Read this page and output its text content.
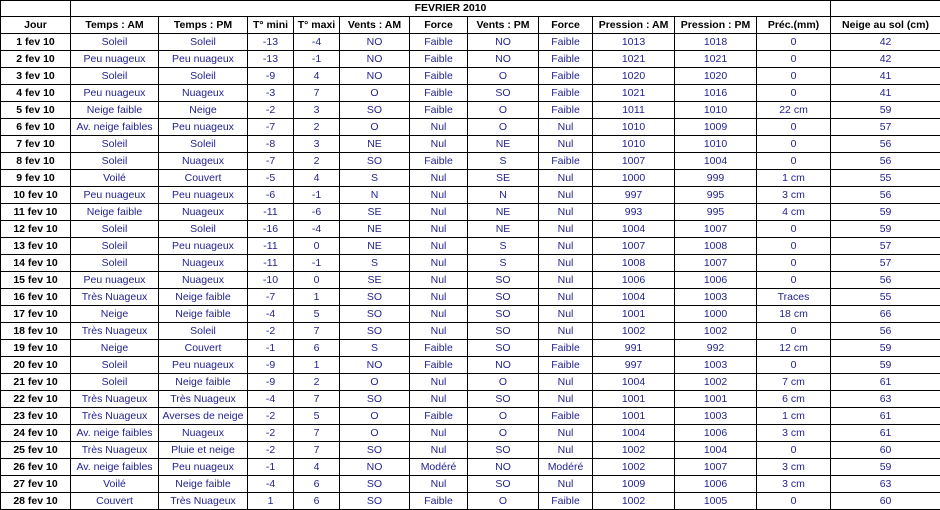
	FEVRIER 2010											
Jour	Temps : AM	Temps : PM	T° mini	T° maxi	Vents : AM	Force	Vents : PM	Force	Pression : AM	Pression : PM	Préc.(mm)	Neige au sol (cm)
1 fev 10	Soleil	Soleil	-13	-4	NO	Faible	NO	Faible	1013	1018	0	42
2 fev 10	Peu nuageux	Peu nuageux	-13	-1	NO	Faible	NO	Faible	1021	1021	0	42
3 fev 10	Soleil	Soleil	-9	4	NO	Faible	O	Faible	1020	1020	0	41
4 fev 10	Peu nuageux	Nuageux	-3	7	O	Faible	SO	Faible	1021	1016	0	41
5 fev 10	Neige faible	Neige	-2	3	SO	Faible	O	Faible	1011	1010	22 cm	59
6 fev 10	Av. neige faibles	Peu nuageux	-7	2	O	Nul	O	Nul	1010	1009	0	57
7 fev 10	Soleil	Soleil	-8	3	NE	Nul	NE	Nul	1010	1010	0	56
8 fev 10	Soleil	Nuageux	-7	2	SO	Faible	S	Faible	1007	1004	0	56
9 fev 10	Voilé	Couvert	-5	4	S	Nul	SE	Nul	1000	999	1 cm	55
10 fev 10	Peu nuageux	Peu nuageux	-6	-1	N	Nul	N	Nul	997	995	3 cm	56
11 fev 10	Neige faible	Nuageux	-11	-6	SE	Nul	NE	Nul	993	995	4 cm	59
12 fev 10	Soleil	Soleil	-16	-4	NE	Nul	NE	Nul	1004	1007	0	59
13 fev 10	Soleil	Peu nuageux	-11	0	NE	Nul	S	Nul	1007	1008	0	57
14 fev 10	Soleil	Nuageux	-11	-1	S	Nul	S	Nul	1008	1007	0	57
15 fev 10	Peu nuageux	Nuageux	-10	0	SE	Nul	SO	Nul	1006	1006	0	56
16 fev 10	Très Nuageux	Neige faible	-7	1	SO	Nul	SO	Nul	1004	1003	Traces	55
17 fev 10	Neige	Neige faible	-4	5	SO	Nul	SO	Nul	1001	1000	18 cm	66
18 fev 10	Très Nuageux	Soleil	-2	7	SO	Nul	SO	Nul	1002	1002	0	56
19 fev 10	Neige	Couvert	-1	6	S	Faible	SO	Faible	991	992	12 cm	59
20 fev 10	Soleil	Peu nuageux	-9	1	NO	Faible	NO	Faible	997	1003	0	59
21 fev 10	Soleil	Neige faible	-9	2	O	Nul	O	Nul	1004	1002	7 cm	61
22 fev 10	Très Nuageux	Très Nuageux	-4	7	SO	Nul	SO	Nul	1001	1001	6 cm	63
23 fev 10	Très Nuageux	Averses de neige	-2	5	O	Faible	O	Faible	1001	1003	1 cm	61
24 fev 10	Av. neige faibles	Nuageux	-2	7	O	Nul	O	Nul	1004	1006	3 cm	61
25 fev 10	Très Nuageux	Pluie et neige	-2	7	SO	Nul	SO	Nul	1002	1004	0	60
26 fev 10	Av. neige faibles	Peu nuageux	-1	4	NO	Modéré	NO	Modéré	1002	1007	3 cm	59
27 fev 10	Voilé	Neige faible	-4	6	SO	Nul	SO	Nul	1009	1006	3 cm	63
28 fev 10	Couvert	Très Nuageux	1	6	SO	Faible	O	Faible	1002	1005	0	60
